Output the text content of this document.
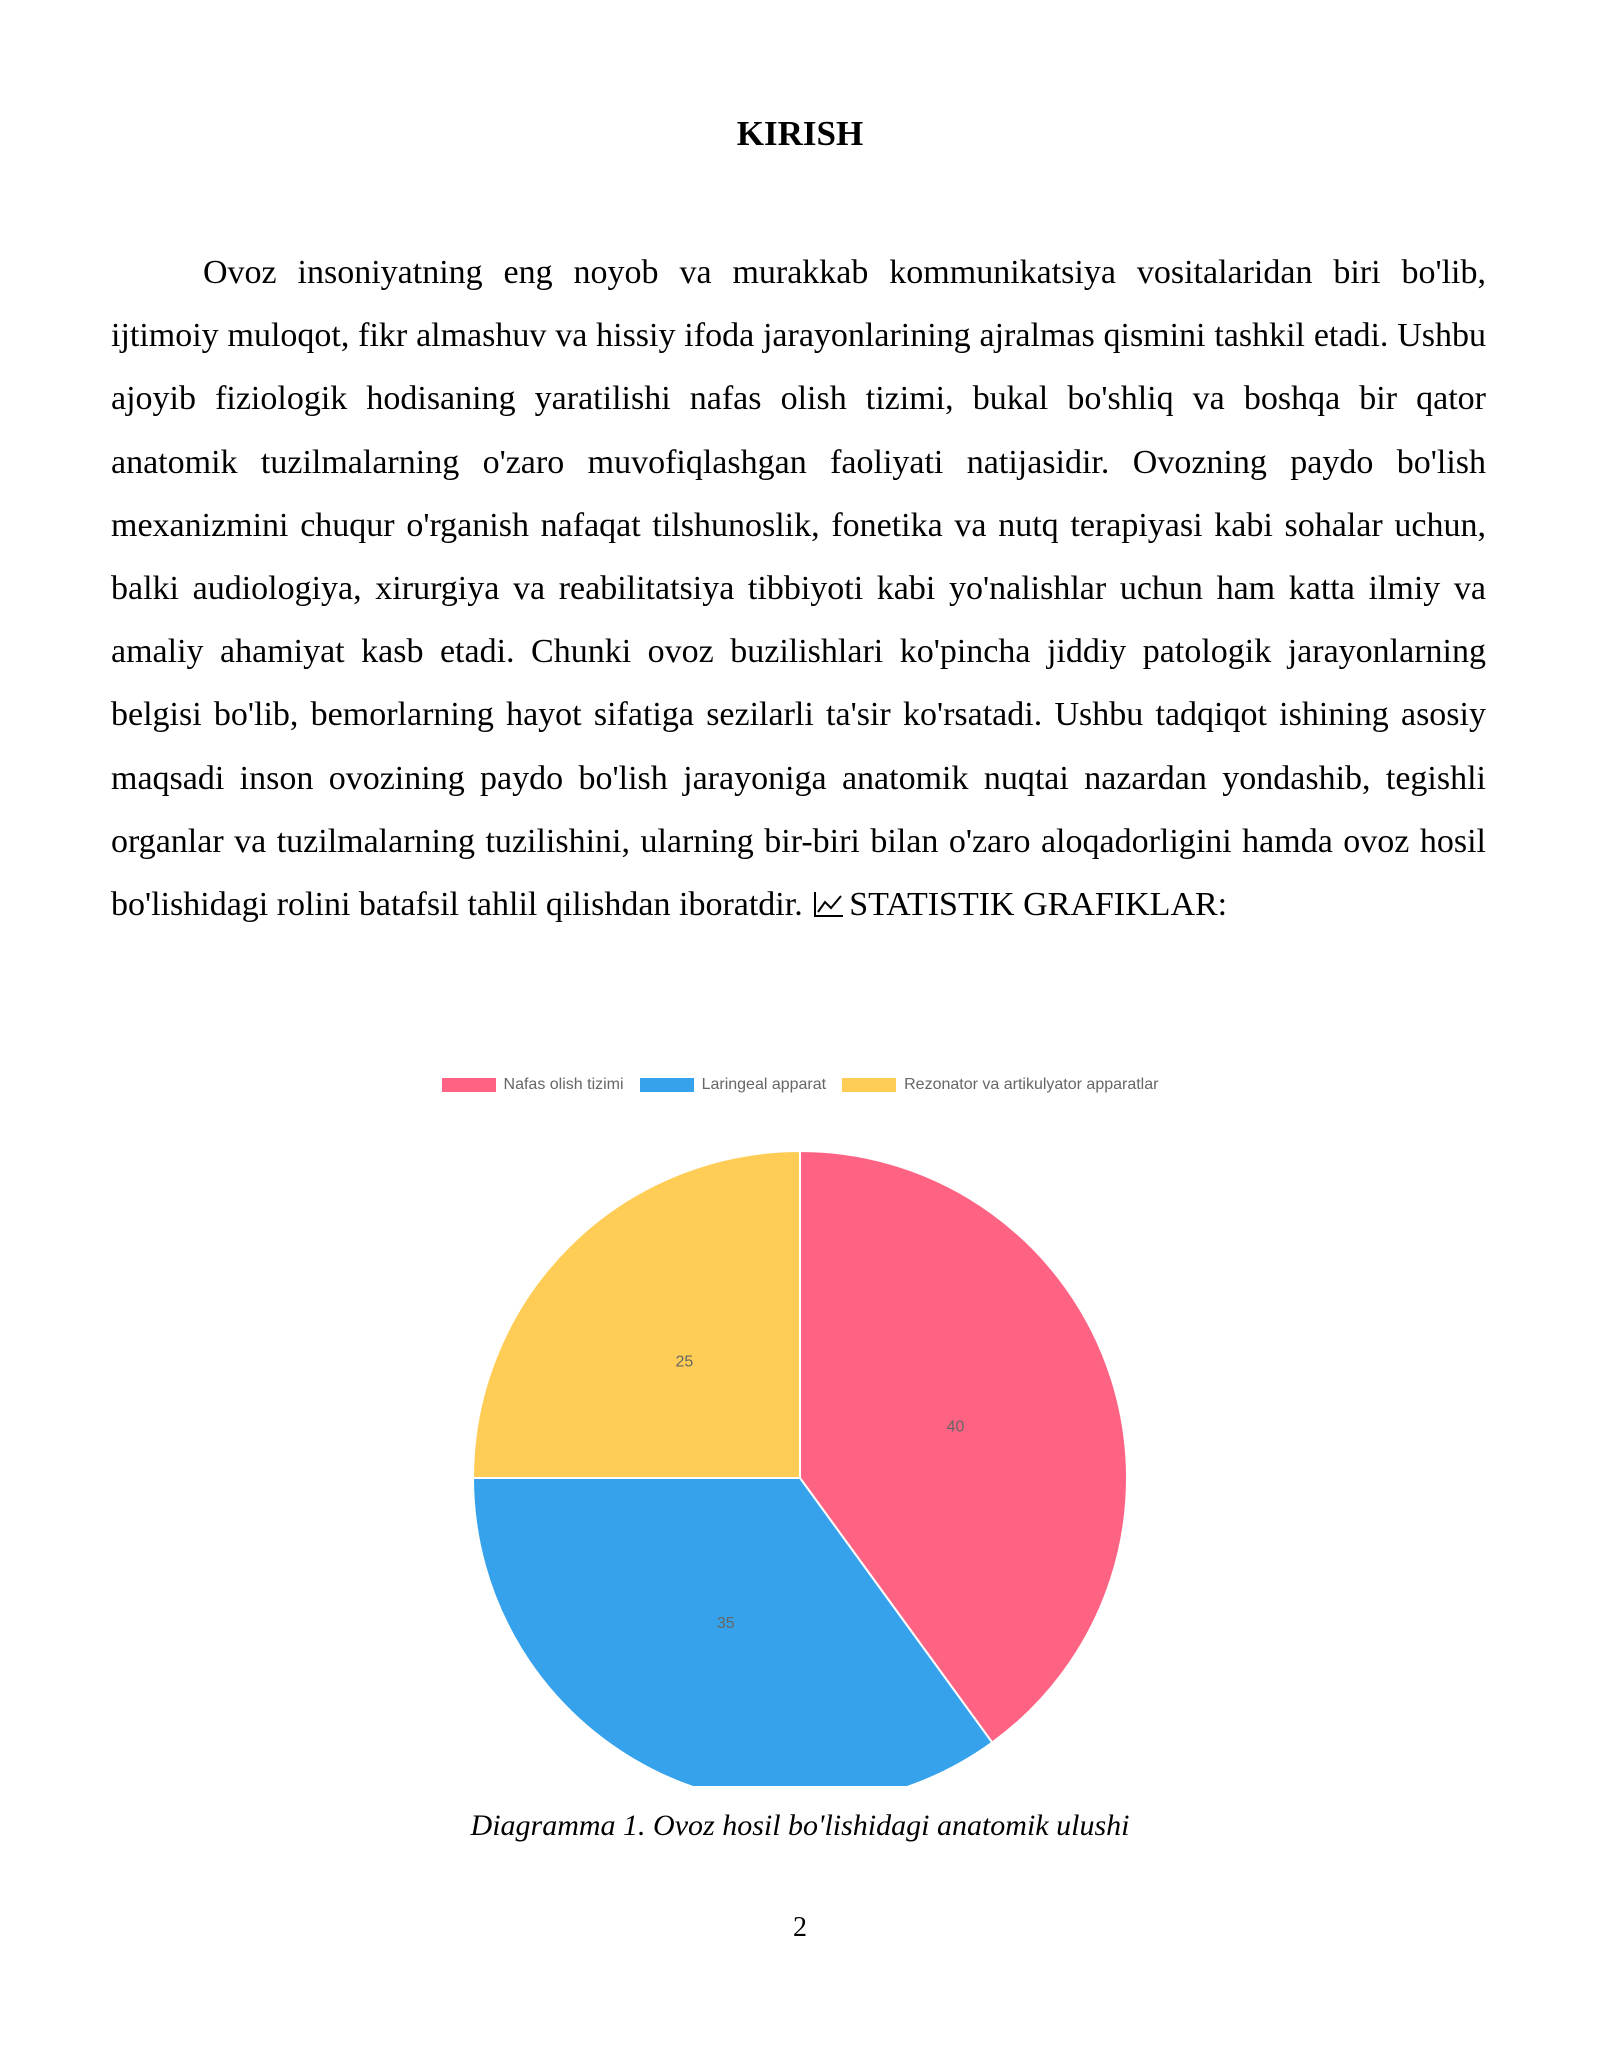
KIRISH

Ovoz insoniyatning eng noyob va murakkab kommunikatsiya vositalaridan biri bo'lib, ijtimoiy muloqot, fikr almashuv va hissiy ifoda jarayonlarining ajralmas qismini tashkil etadi. Ushbu ajoyib fiziologik hodisaning yaratilishi nafas olish tizimi, bukal bo'shliq va boshqa bir qator anatomik tuzilmalarning o'zaro muvofiqlashgan faoliyati natijasidir. Ovozning paydo bo'lish mexanizmini chuqur o'rganish nafaqat tilshunoslik, fonetika va nutq terapiyasi kabi sohalar uchun, balki audiologiya, xirurgiya va reabilitatsiya tibbiyoti kabi yo'nalishlar uchun ham katta ilmiy va amaliy ahamiyat kasb etadi. Chunki ovoz buzilishlari ko'pincha jiddiy patologik jarayonlarning belgisi bo'lib, bemorlarning hayot sifatiga sezilarli ta'sir ko'rsatadi. Ushbu tadqiqot ishining asosiy maqsadi inson ovozining paydo bo'lish jarayoniga anatomik nuqtai nazardan yondashib, tegishli organlar va tuzilmalarning tuzilishini, ularning bir-biri bilan o'zaro aloqadorligini hamda ovoz hosil bo'lishidagi rolini batafsil tahlil qilishdan iboratdir. STATISTIK GRAFIKLAR:

Nafas olish tizimi	Laringeal apparat	Rezonator va artikulyator apparatlar
40
35
25
Diagramma 1. Ovoz hosil bo'lishidagi anatomik ulushi
2
